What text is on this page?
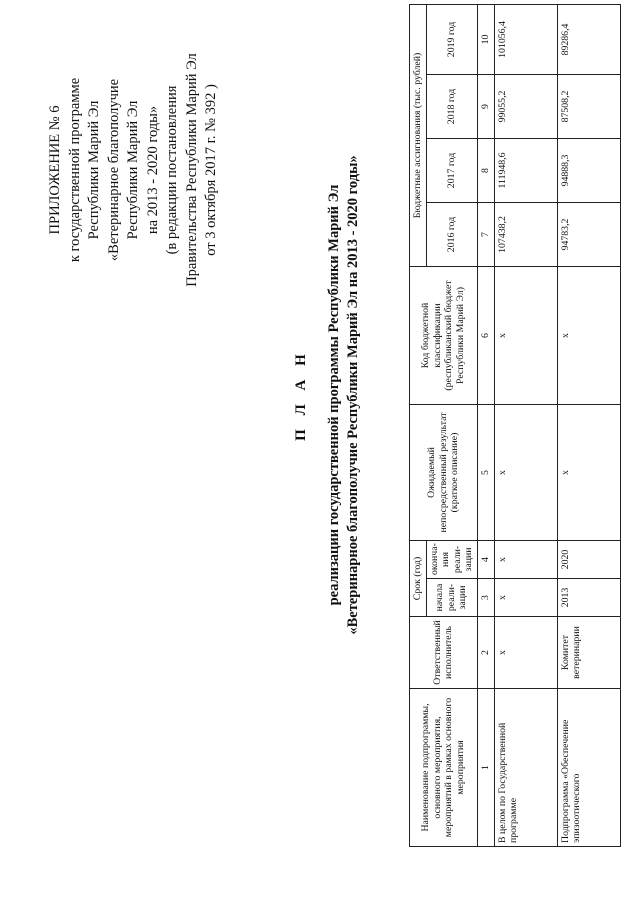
ПРИЛОЖЕНИЕ № 6 к государственной программе Республики Марий Эл «Ветеринарное благополучие Республики Марий Эл на 2013 - 2020 годы» (в редакции постановления Правительства Республики Марий Эл от 3 октября 2017 г. № 392 )
П Л А Н реализации государственной программы Республики Марий Эл «Ветеринарное благополучие Республики Марий Эл на 2013 - 2020 годы»
Наименование подпрограммы, основного мероприятия, мероприятий в рамках основного мероприятия	Ответственный исполнитель	Срок (год)		Ожидаемый непосредственный результат (краткое описание)	Код бюджетной классификации (республиканский бюджет Республики Марий Эл)	Бюджетные ассигнования (тыс. рублей)			
		начала реали-зации	оконча-ния реали-зации			2016 год	2017 год	2018 год	2019 год

1	2	3	4	5	6	7	8	9	10
В целом по Государственной программе	х	х	х	х	х	107438,2	111948,6	99055,2	101056,4
Подпрограмма «Обеспечение эпизоотического	Комитет ветеринарии	2013	2020	х	х	94783,2	94888,3	87508,2	89286,4
